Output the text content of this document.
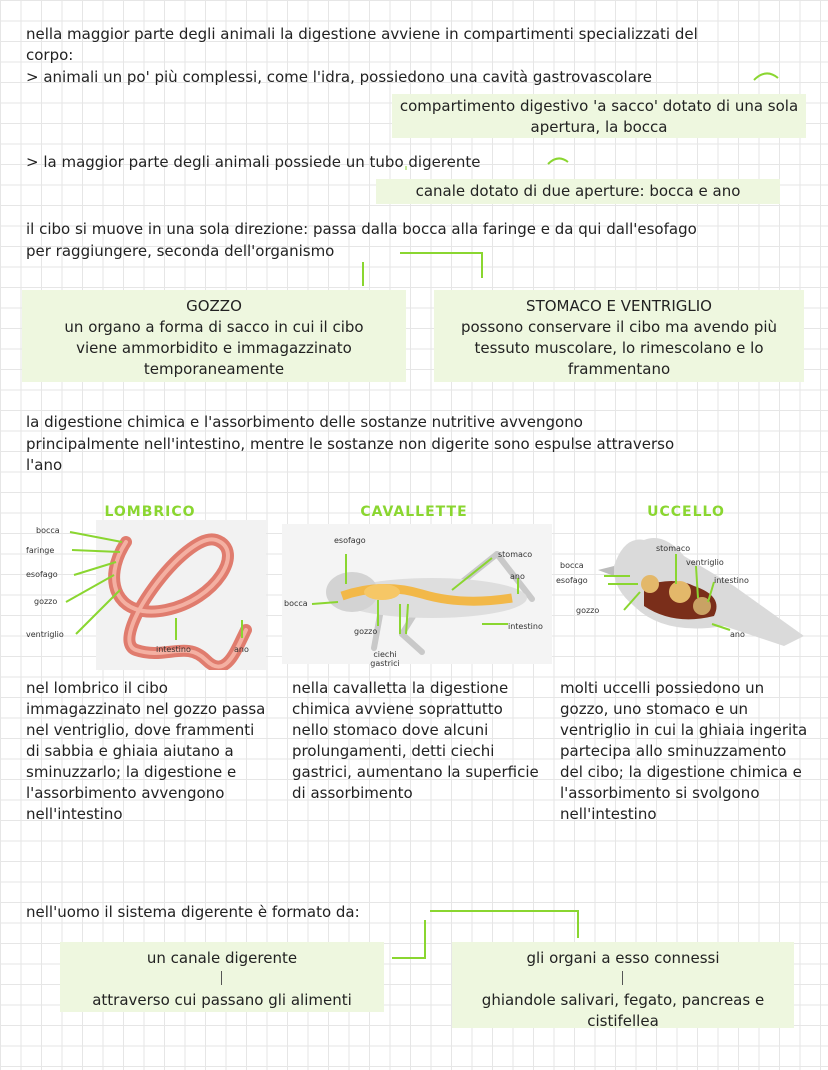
nella maggior parte degli animali la digestione avviene in compartimenti specializzati del
corpo:
> animali un po' più complessi, come l'idra, possiedono una cavità gastrovascolare
compartimento digestivo 'a sacco' dotato di una sola apertura, la bocca
> la maggior parte degli animali possiede un tubo digerente
canale dotato di due aperture: bocca e ano
il cibo si muove in una sola direzione: passa dalla bocca alla faringe e da qui dall'esofago
per raggiungere, seconda dell'organismo
GOZZO
un organo a forma di sacco in cui il cibo viene ammorbidito e immagazzinato temporaneamente
STOMACO E VENTRIGLIO
possono conservare il cibo ma avendo più tessuto muscolare, lo rimescolano e lo frammentano
la digestione chimica e l'assorbimento delle sostanze nutritive avvengono
principalmente nell'intestino, mentre le sostanze non digerite sono espulse attraverso
l'ano
LOMBRICO	CAVALLETTE	UCCELLO
bocca
faringe
esofago
gozzo
ventriglio
intestino	ano
esofago
stomaco
ano
bocca
gozzo
intestino
ciechi gastrici
stomaco
ventriglio
bocca
intestino
esofago
gozzo
ano
nel lombrico il cibo immagazzinato nel gozzo passa nel ventriglio, dove frammenti di sabbia e ghiaia aiutano a sminuzzarlo; la digestione e l'assorbimento avvengono nell'intestino
nella cavalletta la digestione chimica avviene soprattutto nello stomaco dove alcuni prolungamenti, detti ciechi gastrici, aumentano la superficie di assorbimento
molti uccelli possiedono un gozzo, uno stomaco e un ventriglio in cui la ghiaia ingerita partecipa allo sminuzzamento del cibo; la digestione chimica e l'assorbimento si svolgono nell'intestino
nell'uomo il sistema digerente è formato da:
un canale digerente
attraverso cui passano gli alimenti
gli organi a esso connessi
ghiandole salivari, fegato, pancreas e cistifellea
